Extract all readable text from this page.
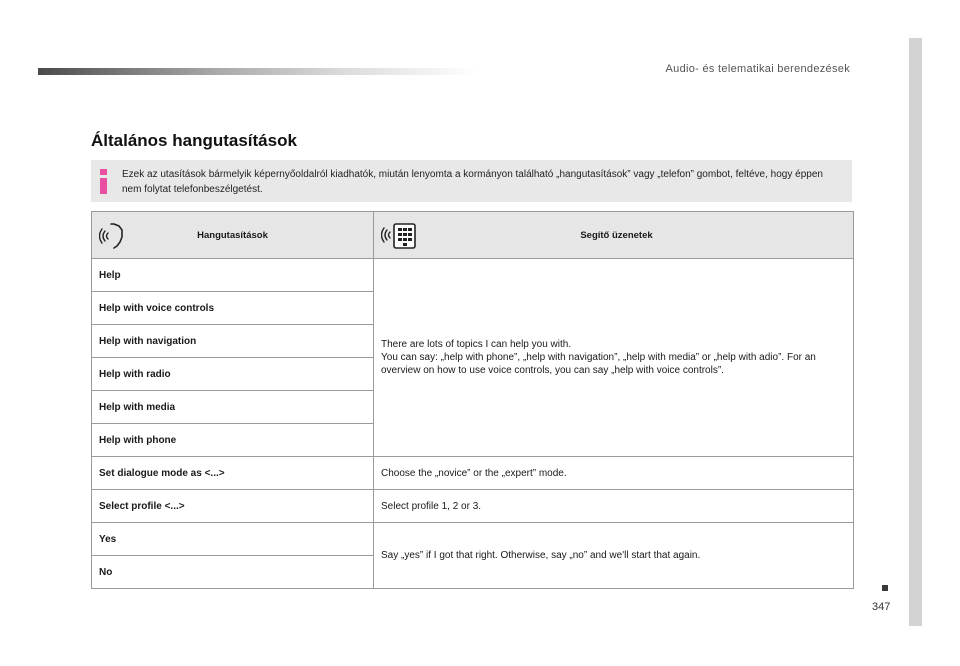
Audio- és telematikai berendezések
347
Általános hangutasítások
Ezek az utasítások bármelyik képernyőoldalról kiadhatók, miután lenyomta a kormányon található „hangutasítások” vagy „telefon” gombot, feltéve, hogy éppen nem folytat telefonbeszélgetést.
Hangutasítások	Segítő üzenetek

Help	There are lots of topics I can help you with.
You can say: „help with phone”, „help with navigation”, „help with media” or „help with adio”. For an overview on how to use voice controls, you can say „help with voice controls”.
Help with voice controls	
Help with navigation	
Help with radio	
Help with media	
Help with phone	
Set dialogue mode as <...>	Choose the „novice” or the „expert” mode.
Select profile <...>	Select profile 1, 2 or 3.
Yes	Say „yes” if I got that right. Otherwise, say „no” and we'll start that again.
No	
